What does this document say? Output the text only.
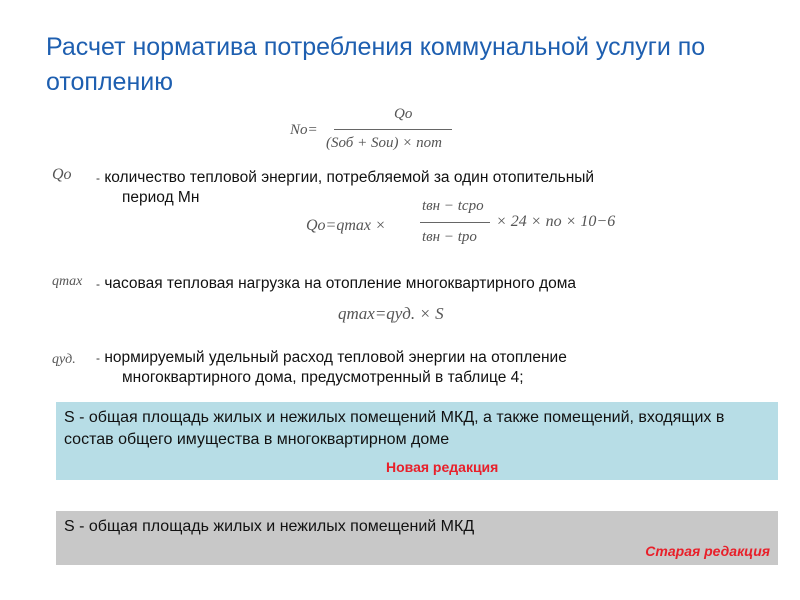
Расчет норматива потребления коммунальной услуги по отоплению
Nо=
Qо
(Sоб + Sои) × nот
Qо - количество тепловой энергии, потребляемой за один отопительный
период Мн
Qо=qmax ×
tвн − tсро
tвн − tро
× 24 × nо × 10−6
qmax - часовая тепловая нагрузка на отопление многоквартирного дома
qmax=qуд. × S
qуд. - нормируемый удельный расход тепловой энергии на отопление
многоквартирного дома, предусмотренный в таблице 4;
S - общая площадь жилых и нежилых помещений МКД, а также помещений, входящих в состав общего имущества в многоквартирном доме
Новая редакция
S - общая площадь жилых и нежилых помещений МКД
Старая редакция
